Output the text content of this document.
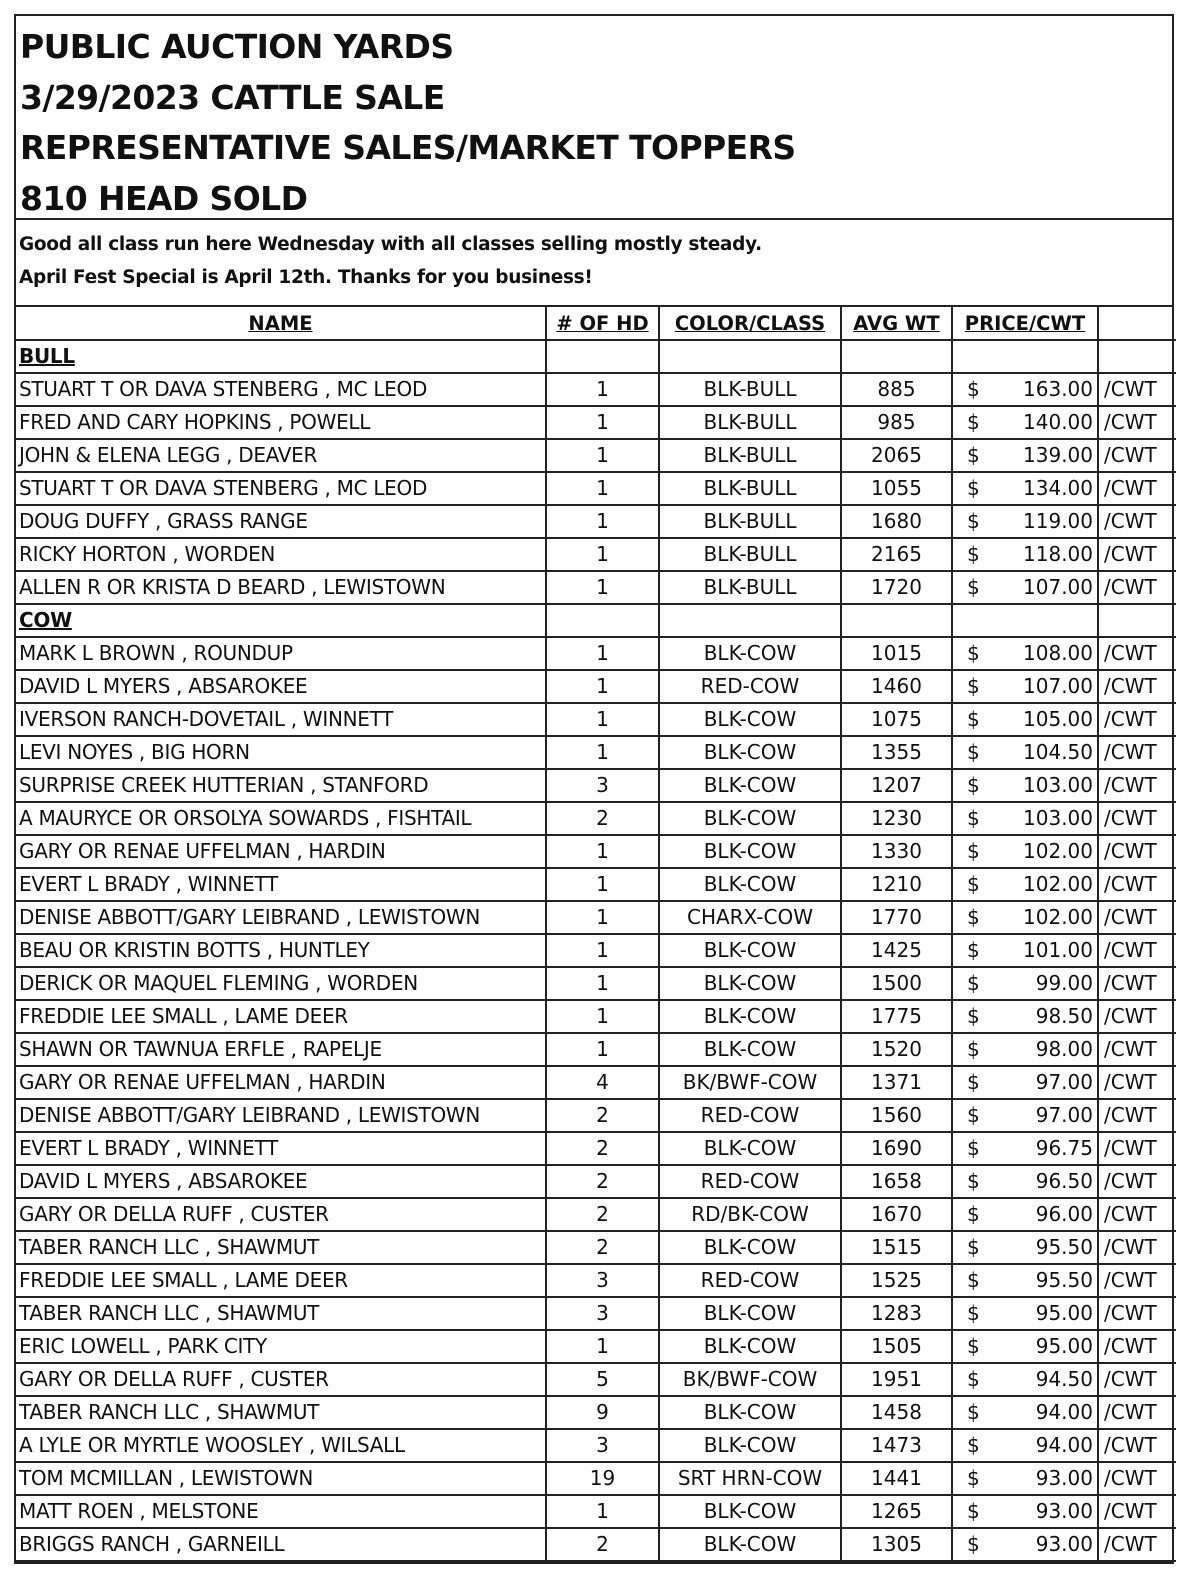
PUBLIC AUCTION YARDS
3/29/2023 CATTLE SALE
REPRESENTATIVE SALES/MARKET TOPPERS
810 HEAD SOLD
Good all class run here Wednesday with all classes selling mostly steady.
April Fest Special is April 12th. Thanks for you business!
NAME	# OF HD	COLOR/CLASS	AVG WT	PRICE/CWT		
BULL						
STUART T OR DAVA STENBERG , MC LEOD	1	BLK-BULL	885	$	163.00	/CWT
FRED AND CARY HOPKINS , POWELL	1	BLK-BULL	985	$	140.00	/CWT
JOHN & ELENA LEGG , DEAVER	1	BLK-BULL	2065	$	139.00	/CWT
STUART T OR DAVA STENBERG , MC LEOD	1	BLK-BULL	1055	$	134.00	/CWT
DOUG DUFFY , GRASS RANGE	1	BLK-BULL	1680	$	119.00	/CWT
RICKY HORTON , WORDEN	1	BLK-BULL	2165	$	118.00	/CWT
ALLEN R OR KRISTA D BEARD , LEWISTOWN	1	BLK-BULL	1720	$	107.00	/CWT
COW						
MARK L BROWN , ROUNDUP	1	BLK-COW	1015	$	108.00	/CWT
DAVID L MYERS , ABSAROKEE	1	RED-COW	1460	$	107.00	/CWT
IVERSON RANCH-DOVETAIL , WINNETT	1	BLK-COW	1075	$	105.00	/CWT
LEVI NOYES , BIG HORN	1	BLK-COW	1355	$	104.50	/CWT
SURPRISE CREEK HUTTERIAN , STANFORD	3	BLK-COW	1207	$	103.00	/CWT
A MAURYCE OR ORSOLYA SOWARDS , FISHTAIL	2	BLK-COW	1230	$	103.00	/CWT
GARY OR RENAE UFFELMAN , HARDIN	1	BLK-COW	1330	$	102.00	/CWT
EVERT L BRADY , WINNETT	1	BLK-COW	1210	$	102.00	/CWT
DENISE ABBOTT/GARY LEIBRAND , LEWISTOWN	1	CHARX-COW	1770	$	102.00	/CWT
BEAU OR KRISTIN BOTTS , HUNTLEY	1	BLK-COW	1425	$	101.00	/CWT
DERICK OR MAQUEL FLEMING , WORDEN	1	BLK-COW	1500	$	99.00	/CWT
FREDDIE LEE SMALL , LAME DEER	1	BLK-COW	1775	$	98.50	/CWT
SHAWN OR TAWNUA ERFLE , RAPELJE	1	BLK-COW	1520	$	98.00	/CWT
GARY OR RENAE UFFELMAN , HARDIN	4	BK/BWF-COW	1371	$	97.00	/CWT
DENISE ABBOTT/GARY LEIBRAND , LEWISTOWN	2	RED-COW	1560	$	97.00	/CWT
EVERT L BRADY , WINNETT	2	BLK-COW	1690	$	96.75	/CWT
DAVID L MYERS , ABSAROKEE	2	RED-COW	1658	$	96.50	/CWT
GARY OR DELLA RUFF , CUSTER	2	RD/BK-COW	1670	$	96.00	/CWT
TABER RANCH LLC , SHAWMUT	2	BLK-COW	1515	$	95.50	/CWT
FREDDIE LEE SMALL , LAME DEER	3	RED-COW	1525	$	95.50	/CWT
TABER RANCH LLC , SHAWMUT	3	BLK-COW	1283	$	95.00	/CWT
ERIC LOWELL , PARK CITY	1	BLK-COW	1505	$	95.00	/CWT
GARY OR DELLA RUFF , CUSTER	5	BK/BWF-COW	1951	$	94.50	/CWT
TABER RANCH LLC , SHAWMUT	9	BLK-COW	1458	$	94.00	/CWT
A LYLE OR MYRTLE WOOSLEY , WILSALL	3	BLK-COW	1473	$	94.00	/CWT
TOM MCMILLAN , LEWISTOWN	19	SRT HRN-COW	1441	$	93.00	/CWT
MATT ROEN , MELSTONE	1	BLK-COW	1265	$	93.00	/CWT
BRIGGS RANCH , GARNEILL	2	BLK-COW	1305	$	93.00	/CWT
